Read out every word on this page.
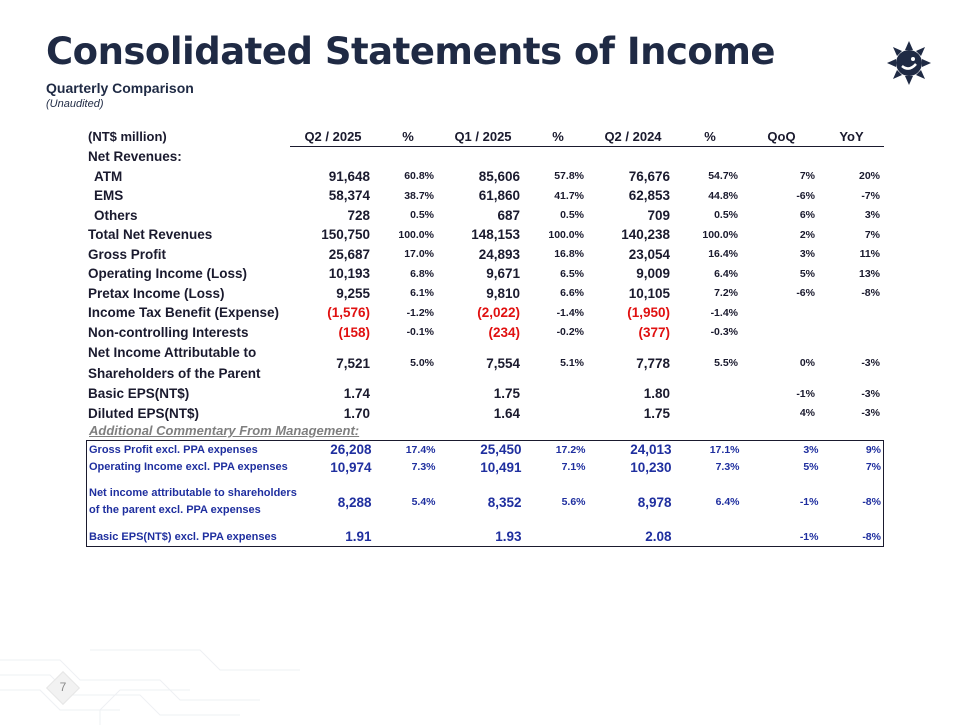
Consolidated Statements of Income
Quarterly Comparison
(Unaudited)
(NT$ million)	Q2 / 2025	%	Q1 / 2025	%	Q2 / 2024	%	QoQ	YoY
Net Revenues:								
ATM	91,648	60.8%	85,606	57.8%	76,676	54.7%	7%	20%
EMS	58,374	38.7%	61,860	41.7%	62,853	44.8%	-6%	-7%
Others	728	0.5%	687	0.5%	709	0.5%	6%	3%
Total Net Revenues	150,750	100.0%	148,153	100.0%	140,238	100.0%	2%	7%
Gross Profit	25,687	17.0%	24,893	16.8%	23,054	16.4%	3%	11%
Operating Income (Loss)	10,193	6.8%	9,671	6.5%	9,009	6.4%	5%	13%
Pretax Income (Loss)	9,255	6.1%	9,810	6.6%	10,105	7.2%	-6%	-8%
Income Tax Benefit (Expense)	(1,576)	-1.2%	(2,022)	-1.4%	(1,950)	-1.4%		
Non-controlling Interests	(158)	-0.1%	(234)	-0.2%	(377)	-0.3%		
Net Income Attributable to
Shareholders of the Parent	7,521	5.0%	7,554	5.1%	7,778	5.5%	0%	-3%
Basic EPS(NT$)	1.74		1.75		1.80		-1%	-3%
Diluted EPS(NT$)	1.70		1.64		1.75		4%	-3%
Additional Commentary From Management:
Gross Profit excl. PPA expenses	26,208	17.4%	25,450	17.2%	24,013	17.1%	3%	9%
Operating Income excl. PPA expenses	10,974	7.3%	10,491	7.1%	10,230	7.3%	5%	7%
Net income attributable to shareholders of the parent excl. PPA expenses	8,288	5.4%	8,352	5.6%	8,978	6.4%	-1%	-8%
Basic EPS(NT$) excl. PPA expenses	1.91		1.93		2.08		-1%	-8%
7
